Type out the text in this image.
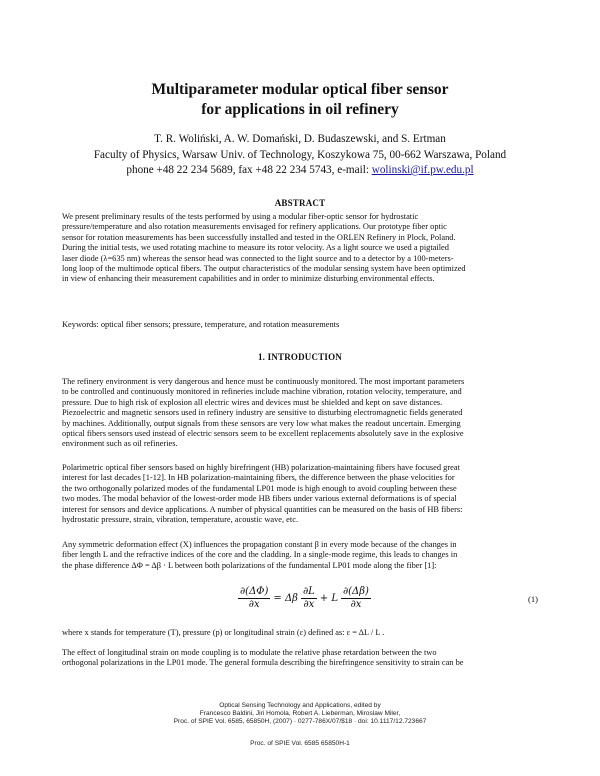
Multiparameter modular optical fiber sensor
for applications in oil refinery
T. R. Woliński, A. W. Domański, D. Budaszewski, and S. Ertman
Faculty of Physics, Warsaw Univ. of Technology, Koszykowa 75, 00-662 Warszawa, Poland
phone +48 22 234 5689, fax +48 22 234 5743, e-mail: wolinski@if.pw.edu.pl
ABSTRACT

We present preliminary results of the tests performed by using a modular fiber-optic sensor for hydrostatic
pressure/temperature and also rotation measurements envisaged for refinery applications. Our prototype fiber optic
sensor for rotation measurements has been successfully installed and tested in the ORLEN Refinery in Plock, Poland.
During the initial tests, we used rotating machine to measure its rotor velocity. As a light source we used a pigtailed
laser diode (λ=635 nm) whereas the sensor head was connected to the light source and to a detector by a 100-meters-
long loop of the multimode optical fibers. The output characteristics of the modular sensing system have been optimized
in view of enhancing their measurement capabilities and in order to minimize disturbing environmental effects.

Keywords: optical fiber sensors; pressure, temperature, and rotation measurements

1. INTRODUCTION

The refinery environment is very dangerous and hence must be continuously monitored. The most important parameters
to be controlled and continuously monitored in refineries include machine vibration, rotation velocity, temperature, and
pressure. Due to high risk of explosion all electric wires and devices must be shielded and kept on save distances.
Piezoelectric and magnetic sensors used in refinery industry are sensitive to disturbing electromagnetic fields generated
by machines. Additionally, output signals from these sensors are very low what makes the readout uncertain. Emerging
optical fibers sensors used instead of electric sensors seem to be excellent replacements absolutely save in the explosive
environment such as oil refineries.

Polarimetric optical fiber sensors based on highly birefringent (HB) polarization-maintaining fibers have focused great
interest for last decades [1-12]. In HB polarization-maintaining fibers, the difference between the phase velocities for
the two orthogonally polarized modes of the fundamental LP01 mode is high enough to avoid coupling between these
two modes. The modal behavior of the lowest-order mode HB fibers under various external deformations is of special
interest for sensors and device applications. A number of physical quantities can be measured on the basis of HB fibers:
hydrostatic pressure, strain, vibration, temperature, acoustic wave, etc.

Any symmetric deformation effect (X) influences the propagation constant β in every mode because of the changes in
fiber length L and the refractive indices of the core and the cladding. In a single-mode regime, this leads to changes in
the phase difference ΔΦ = Δβ · L between both polarizations of the fundamental LP01 mode along the fiber [1]:

$\frac{\partial(\Delta\Phi)}{\partial x} = \Delta\beta \frac{\partial L}{\partial x} + L \frac{\partial(\Delta\beta)}{\partial x}$	(1)

where x stands for temperature (T), pressure (p) or longitudinal strain (ε) defined as: ε = ΔL / L .

The effect of longitudinal strain on mode coupling is to modulate the relative phase retardation between the two
orthogonal polarizations in the LP01 mode. The general formula describing the birefringence sensitivity to strain can be

Optical Sensing Technology and Applications, edited by
Francesco Baldini, Jiri Homola, Robert A. Lieberman, Miroslaw Miler,
Proc. of SPIE Vol. 6585, 65850H, (2007) · 0277-786X/07/$18 · doi: 10.1117/12.723667
Proc. of SPIE Vol. 6585 65850H-1
